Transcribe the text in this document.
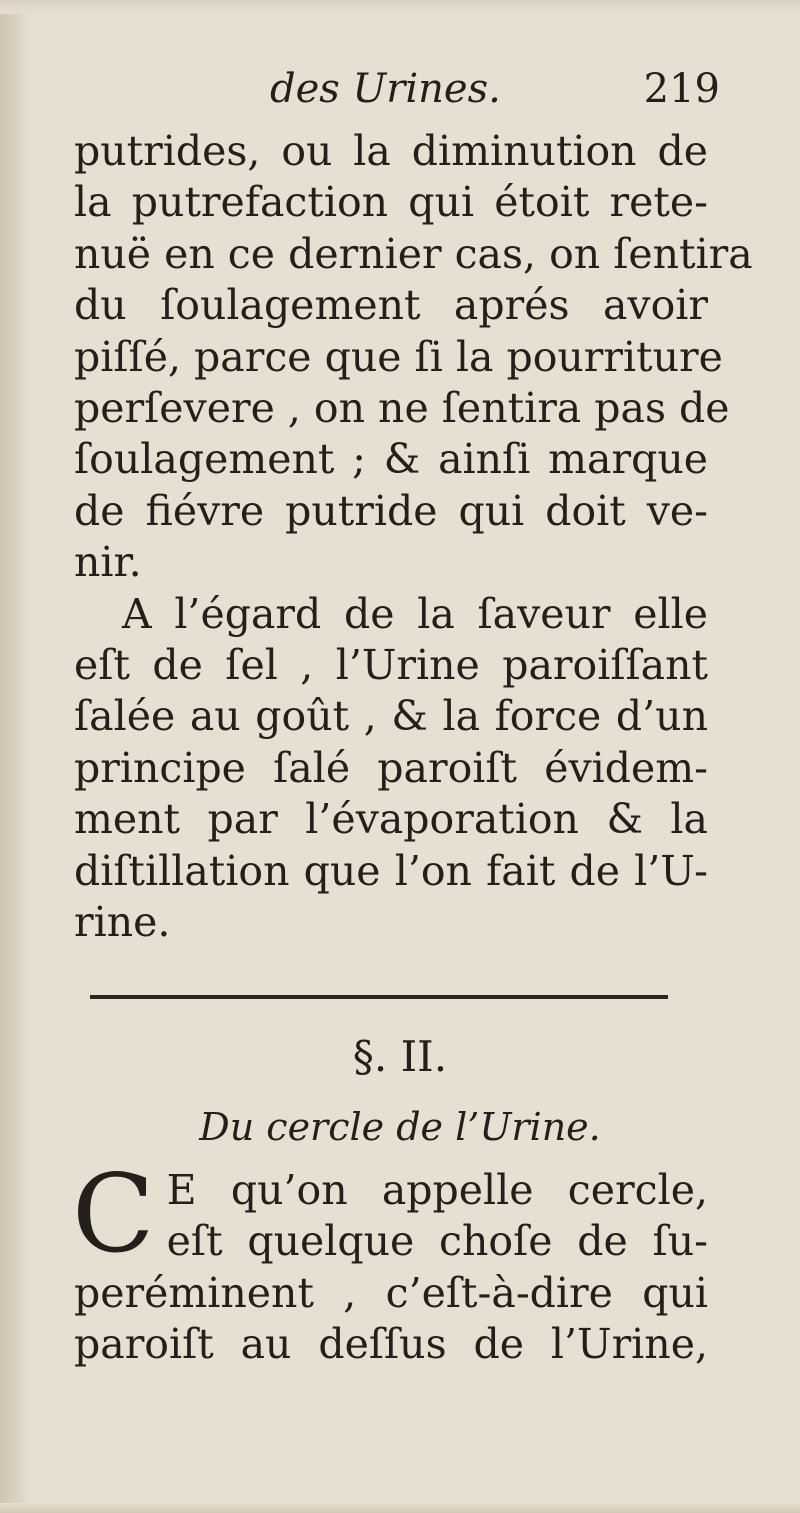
des Urines.	219

putrides, ou la diminution de
la putrefaction qui étoit rete-
nuë en ce dernier cas, on ſentira
du ſoulagement aprés avoir
piſſé, parce que ſi la pourriture
perſevere , on ne ſentira pas de
ſoulagement ; & ainſi marque
de fiévre putride qui doit ve-
nir.

A l’égard de la ſaveur elle
eſt de ſel , l’Urine paroiſſant
ſalée au goût , & la force d’un
principe ſalé paroiſt évidem-
ment par l’évaporation & la
diſtillation que l’on fait de l’U-
rine.

§. II.
Du cercle de l’Urine.
C E qu’on appelle cercle,
eſt quelque choſe de ſu-
peréminent , c’eſt-à-dire qui
paroiſt au deſſus de l’Urine,
